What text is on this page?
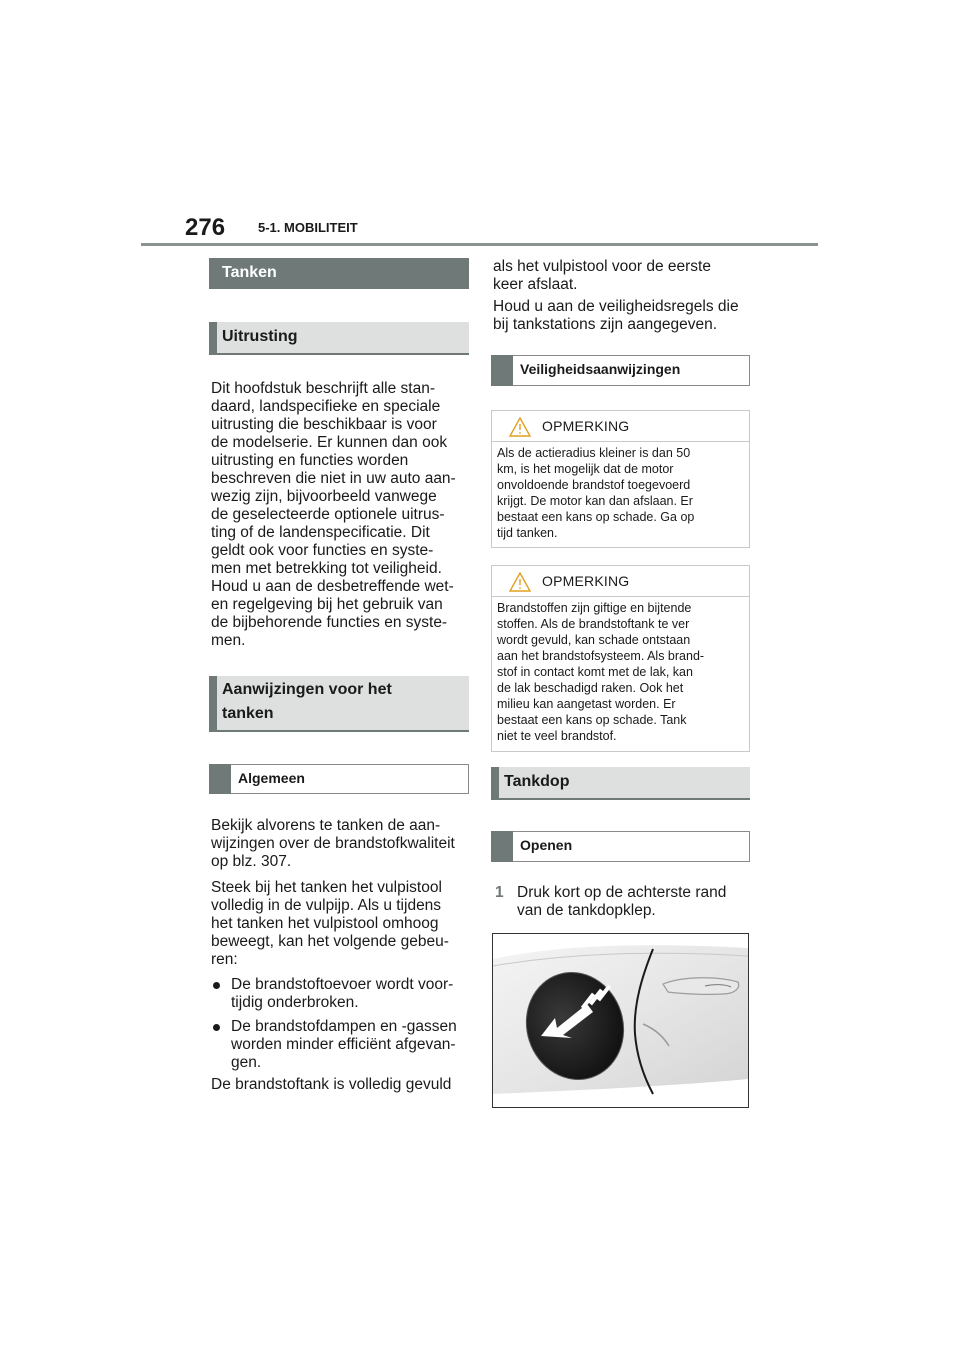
276	5-1. MOBILITEIT
Tanken
Uitrusting

Dit hoofdstuk beschrijft alle stan-

daard, landspecifieke en speciale

uitrusting die beschikbaar is voor

de modelserie. Er kunnen dan ook

uitrusting en functies worden

beschreven die niet in uw auto aan-

wezig zijn, bijvoorbeeld vanwege

de geselecteerde optionele uitrus-

ting of de landenspecificatie. Dit

geldt ook voor functies en syste-

men met betrekking tot veiligheid.

Houd u aan de desbetreffende wet-

en regelgeving bij het gebruik van

de bijbehorende functies en syste-

men.

Aanwijzingen voor het
tanken
Algemeen

Bekijk alvorens te tanken de aan-

wijzingen over de brandstofkwaliteit

op blz. 307.

Steek bij het tanken het vulpistool

volledig in de vulpijp. Als u tijdens

het tanken het vulpistool omhoog

beweegt, kan het volgende gebeu-

ren:

De brandstoftoevoer wordt voor-
tijdig onderbroken.
De brandstofdampen en -gassen
worden minder efficiënt afgevan-
gen.

De brandstoftank is volledig gevuld

als het vulpistool voor de eerste

keer afslaat.

Houd u aan de veiligheidsregels die

bij tankstations zijn aangegeven.

Veiligheidsaanwijzingen
OPMERKING
Als de actieradius kleiner is dan 50
km, is het mogelijk dat de motor
onvoldoende brandstof toegevoerd
krijgt. De motor kan dan afslaan. Er
bestaat een kans op schade. Ga op
tijd tanken.
OPMERKING
Brandstoffen zijn giftige en bijtende
stoffen. Als de brandstoftank te ver
wordt gevuld, kan schade ontstaan
aan het brandstofsysteem. Als brand-
stof in contact komt met de lak, kan
de lak beschadigd raken. Ook het
milieu kan aangetast worden. Er
bestaat een kans op schade. Tank
niet te veel brandstof.
Tankdop
Openen
1 Druk kort op de achterste rand
van de tankdopklep.
